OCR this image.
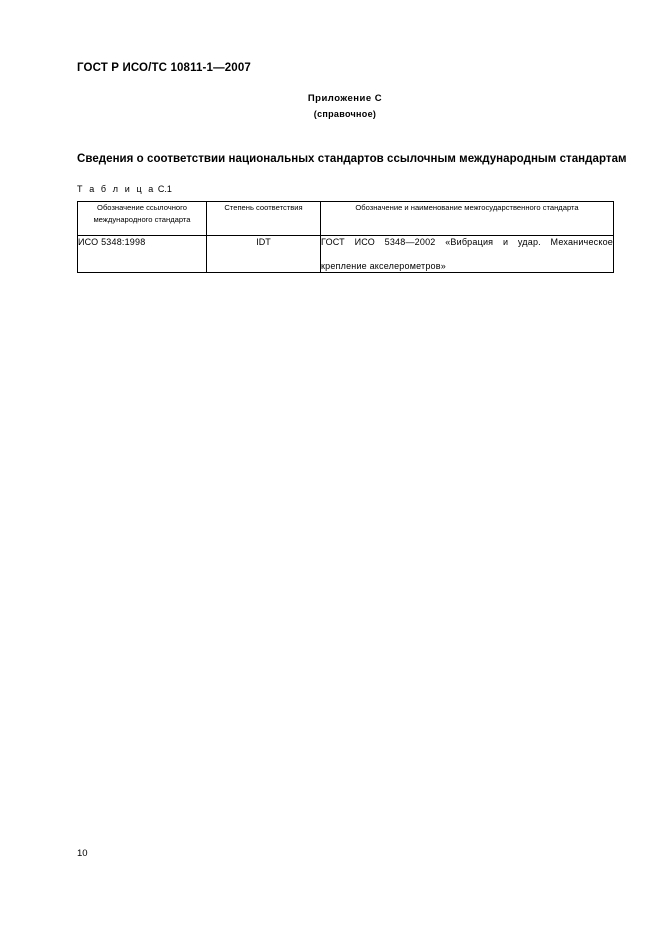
ГОСТ Р ИСО/ТС 10811-1—2007
Приложение С
(справочное)
Сведения о соответствии национальных стандартов ссылочным международным стандартам
Т а б л и ц а С.1
Обозначение ссылочного
международного стандарта	Степень соответствия	Обозначение и наименование межгосударственного стандарта
ИСО 5348:1998	IDT	ГОСТ ИСО 5348—2002 «Вибрация и удар. Механическое
крепление акселерометров»
10
